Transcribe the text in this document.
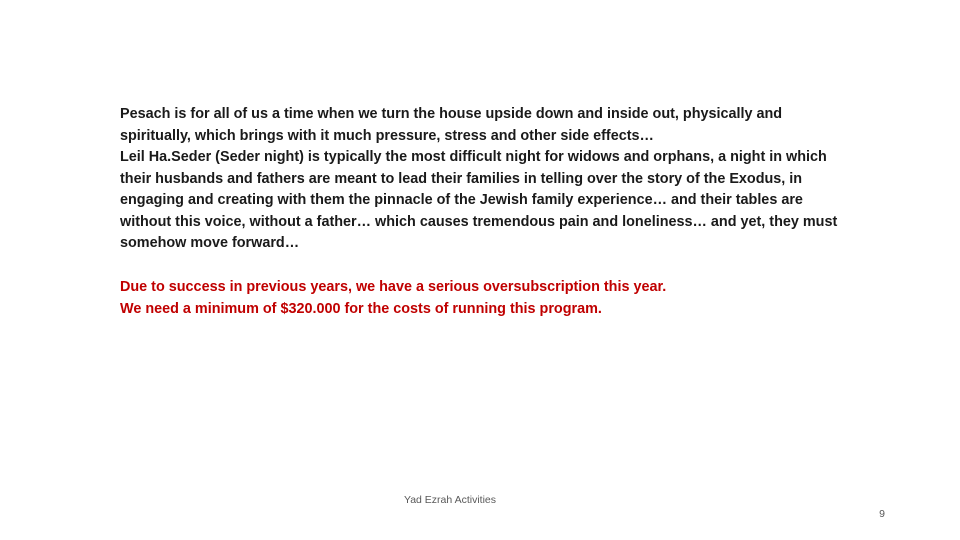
Pesach is for all of us a time when we turn the house upside down and inside out, physically and spiritually, which brings with it much pressure, stress and other side effects…

Leil Ha.Seder (Seder night) is typically the most difficult night for widows and orphans, a night in which their husbands and fathers are meant to lead their families in telling over the story of the Exodus, in engaging and creating with them the pinnacle of the Jewish family experience… and their tables are without this voice, without a father… which causes tremendous pain and loneliness… and yet, they must somehow move forward…

Due to success in previous years, we have a serious oversubscription this year.

We need a minimum of $320.000 for the costs of running this program.

Yad Ezrah Activities
9
